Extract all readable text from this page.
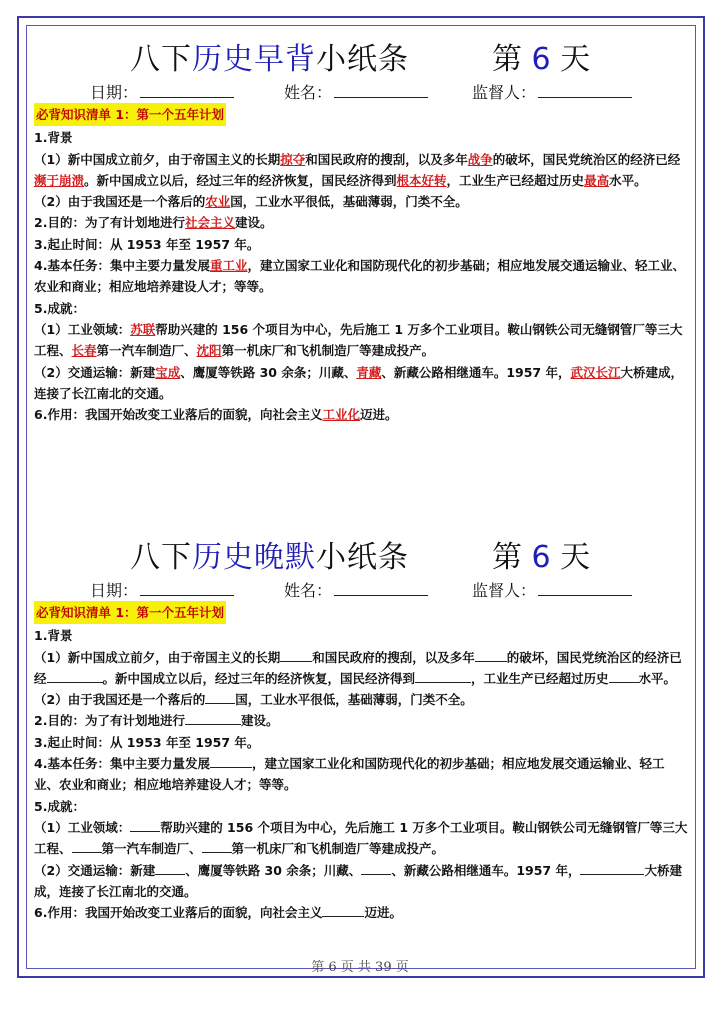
八下历史早背小纸条	第 6 天
日期：	姓名：	监督人：
必背知识清单 1：第一个五年计划

1.背景

（1）新中国成立前夕，由于帝国主义的长期掠夺和国民政府的搜刮，以及多年战争的破坏，国民党统治区的经济已经濒于崩溃。新中国成立以后，经过三年的经济恢复，国民经济得到根本好转，工业生产已经超过历史最高水平。

（2）由于我国还是一个落后的农业国，工业水平很低，基础薄弱，门类不全。

2.目的：为了有计划地进行社会主义建设。

3.起止时间：从 1953 年至 1957 年。

4.基本任务：集中主要力量发展重工业，建立国家工业化和国防现代化的初步基础；相应地发展交通运输业、轻工业、农业和商业；相应地培养建设人才；等等。

5.成就：

（1）工业领域：苏联帮助兴建的 156 个项目为中心，先后施工 1 万多个工业项目。鞍山钢铁公司无缝钢管厂等三大工程、长春第一汽车制造厂、沈阳第一机床厂和飞机制造厂等建成投产。

（2）交通运输：新建宝成、鹰厦等铁路 30 余条；川藏、青藏、新藏公路相继通车。1957 年，武汉长江大桥建成，连接了长江南北的交通。

6.作用：我国开始改变工业落后的面貌，向社会主义工业化迈进。

八下历史晚默小纸条	第 6 天
日期：	姓名：	监督人：
必背知识清单 1：第一个五年计划

1.背景

（1）新中国成立前夕，由于帝国主义的长期	和国民政府的搜刮，以及多年	的破坏，国民党统治区的经济已经	。新中国成立以后，经过三年的经济恢复，国民经济得到	，工业生产已经超过历史 水平。

（2）由于我国还是一个落后的 国，工业水平很低，基础薄弱，门类不全。

2.目的：为了有计划地进行	建设。

3.起止时间：从 1953 年至 1957 年。

4.基本任务：集中主要力量发展	，建立国家工业化和国防现代化的初步基础；相应地发展交通运输业、轻工业、农业和商业；相应地培养建设人才；等等。

5.成就：

（1）工业领域： 帮助兴建的 156 个项目为中心，先后施工 1 万多个工业项目。鞍山钢铁公司无缝钢管厂等三大工程、 第一汽车制造厂、 第一机床厂和飞机制造厂等建成投产。

（2）交通运输：新建 、鹰厦等铁路 30 余条；川藏、 、新藏公路相继通车。1957 年，	大桥建成，连接了长江南北的交通。

6.作用：我国开始改变工业落后的面貌，向社会主义	迈进。

第 6 页 共 39 页
